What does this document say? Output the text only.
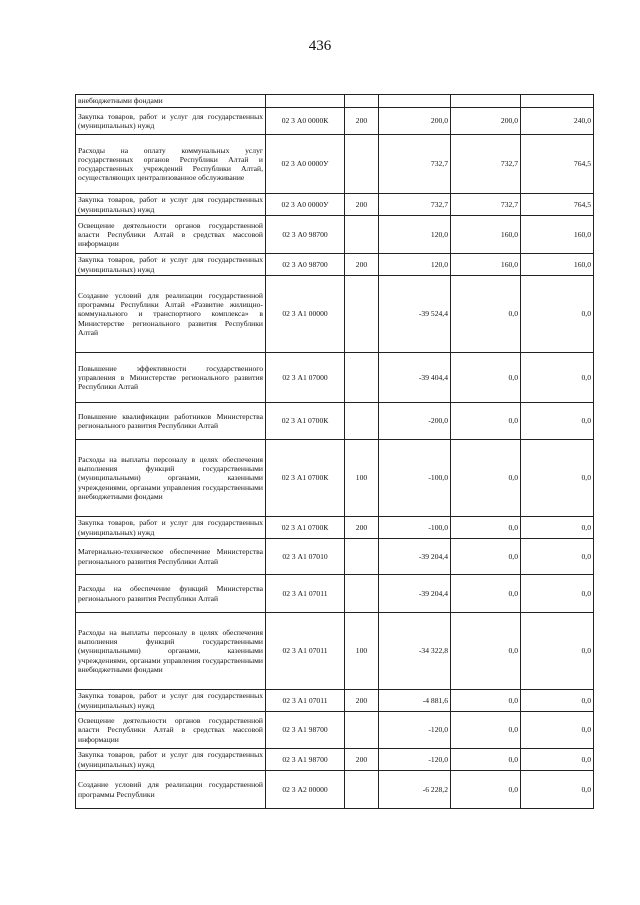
436
внебюджетными фондами					
Закупка товаров, работ и услуг для государственных (муниципальных) нужд	02 3 А0 0000К	200	200,0	200,0	240,0
Расходы на оплату коммунальных услуг государственных органов Республики Алтай и государственных учреждений Республики Алтай, осуществляющих централизованное обслуживание	02 3 А0 0000У		732,7	732,7	764,5
Закупка товаров, работ и услуг для государственных (муниципальных) нужд	02 3 А0 0000У	200	732,7	732,7	764,5
Освещение деятельности органов государственной власти Республики Алтай в средствах массовой информации	02 3 А0 98700		120,0	160,0	160,0
Закупка товаров, работ и услуг для государственных (муниципальных) нужд	02 3 А0 98700	200	120,0	160,0	160,0
Создание условий для реализации государственной программы Республики Алтай «Развитие жилищно-коммунального и транспортного комплекса» в Министерстве регионального развития Республики Алтай	02 3 А1 00000		-39 524,4	0,0	0,0
Повышение эффективности государственного управления в Министерстве регионального развития Республики Алтай	02 3 А1 07000		-39 404,4	0,0	0,0
Повышение квалификации работников Министерства регионального развития Республики Алтай	02 3 А1 0700К		-200,0	0,0	0,0
Расходы на выплаты персоналу в целях обеспечения выполнения функций государственными (муниципальными) органами, казенными учреждениями, органами управления государственными внебюджетными фондами	02 3 А1 0700К	100	-100,0	0,0	0,0
Закупка товаров, работ и услуг для государственных (муниципальных) нужд	02 3 А1 0700К	200	-100,0	0,0	0,0
Материально-техническое обеспечение Министерства регионального развития Республики Алтай	02 3 А1 07010		-39 204,4	0,0	0,0
Расходы на обеспечение функций Министерства регионального развития Республики Алтай	02 3 А1 07011		-39 204,4	0,0	0,0
Расходы на выплаты персоналу в целях обеспечения выполнения функций государственными (муниципальными) органами, казенными учреждениями, органами управления государственными внебюджетными фондами	02 3 А1 07011	100	-34 322,8	0,0	0,0
Закупка товаров, работ и услуг для государственных (муниципальных) нужд	02 3 А1 07011	200	-4 881,6	0,0	0,0
Освещение деятельности органов государственной власти Республики Алтай в средствах массовой информации	02 3 А1 98700		-120,0	0,0	0,0
Закупка товаров, работ и услуг для государственных (муниципальных) нужд	02 3 А1 98700	200	-120,0	0,0	0,0
Создание условий для реализации государственной программы Республики	02 3 А2 00000		-6 228,2	0,0	0,0
